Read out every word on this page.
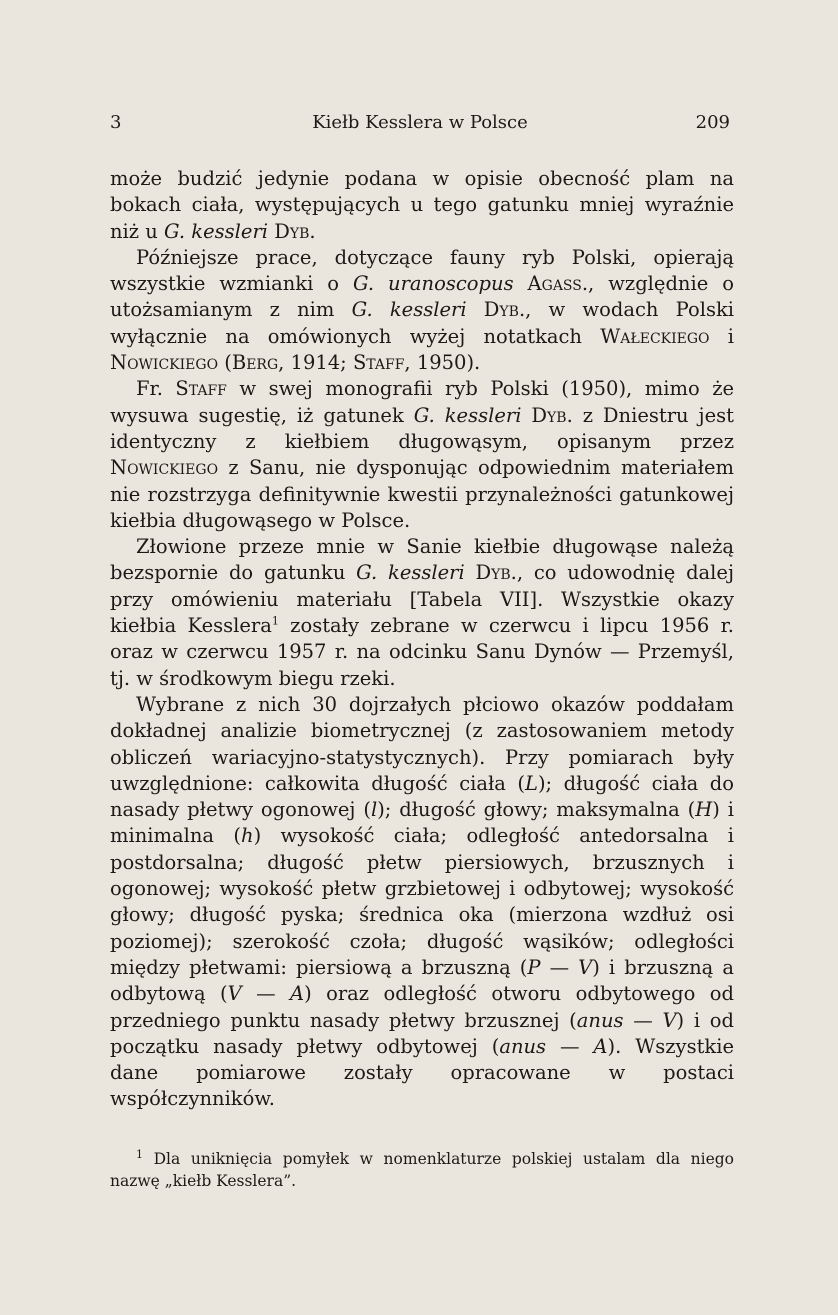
3	Kiełb Kesslera w Polsce	209

może budzić jedynie podana w opisie obecność plam na bokach ciała, występujących u tego gatunku mniej wyraźnie niż u G. kessleri Dyb.

Późniejsze prace, dotyczące fauny ryb Polski, opierają wszystkie wzmianki o G. uranoscopus Agass., względnie o utożsamianym z nim G. kessleri Dyb., w wodach Polski wyłącznie na omówionych wyżej notatkach Wałeckiego i Nowickiego (Berg, 1914; Staff, 1950).

Fr. Staff w swej monografii ryb Polski (1950), mimo że wysuwa sugestię, iż gatunek G. kessleri Dyb. z Dniestru jest identyczny z kiełbiem długowąsym, opisanym przez Nowickiego z Sanu, nie dysponując odpowiednim materiałem nie rozstrzyga definitywnie kwestii przynależności gatunkowej kiełbia długowąsego w Polsce.

Złowione przeze mnie w Sanie kiełbie długowąse należą bezspornie do gatunku G. kessleri Dyb., co udowodnię dalej przy omówieniu materiału [Tabela VII]. Wszystkie okazy kiełbia Kesslera$^1$ zostały zebrane w czerwcu i lipcu 1956 r. oraz w czerwcu 1957 r. na odcinku Sanu Dynów — Przemyśl, tj. w środkowym biegu rzeki.

Wybrane z nich 30 dojrzałych płciowo okazów poddałam dokładnej analizie biometrycznej (z zastosowaniem metody obliczeń wariacyjno-statystycznych). Przy pomiarach były uwzględnione: całkowita długość ciała (L); długość ciała do nasady płetwy ogonowej (l); długość głowy; maksymalna (H) i minimalna (h) wysokość ciała; odległość antedorsalna i postdorsalna; długość płetw piersiowych, brzusznych i ogonowej; wysokość płetw grzbietowej i odbytowej; wysokość głowy; długość pyska; średnica oka (mierzona wzdłuż osi poziomej); szerokość czoła; długość wąsików; odległości między płetwami: piersiową a brzuszną (P — V) i brzuszną a odbytową (V — A) oraz odległość otworu odbytowego od przedniego punktu nasady płetwy brzusznej (anus — V) i od początku nasady płetwy odbytowej (anus — A). Wszystkie dane pomiarowe zostały opracowane w postaci współczynników.

$^1$ Dla uniknięcia pomyłek w nomenklaturze polskiej ustalam dla niego nazwę „kiełb Kesslera”.
